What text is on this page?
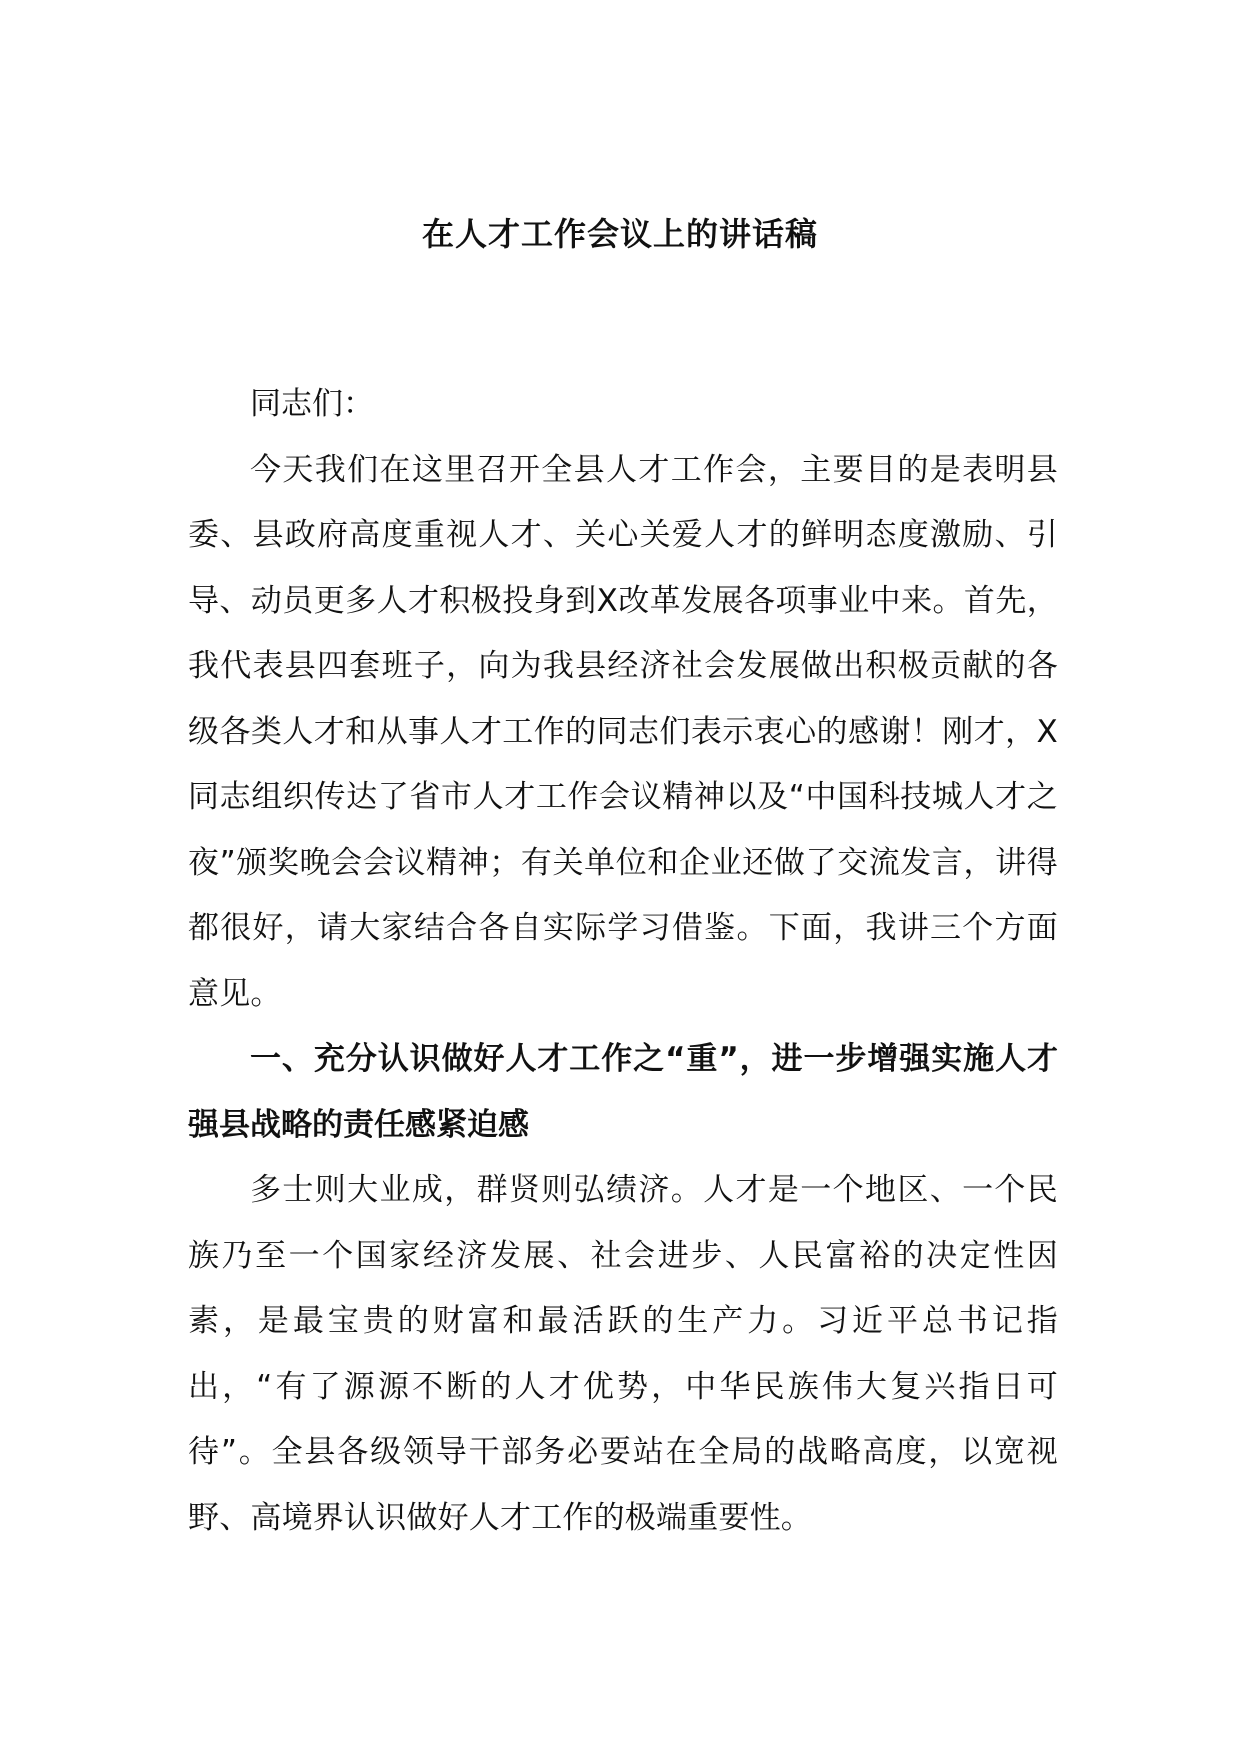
在人才工作会议上的讲话稿

同志们：

今天我们在这里召开全县人才工作会，主要目的是表明县委、县政府高度重视人才、关心关爱人才的鲜明态度激励、引导、动员更多人才积极投身到X改革发展各项事业中来。首先，我代表县四套班子，向为我县经济社会发展做出积极贡献的各级各类人才和从事人才工作的同志们表示衷心的感谢！刚才，X同志组织传达了省市人才工作会议精神以及“中国科技城人才之夜”颁奖晚会会议精神；有关单位和企业还做了交流发言，讲得都很好，请大家结合各自实际学习借鉴。下面，我讲三个方面意见。

一、充分认识做好人才工作之“重”，进一步增强实施人才强县战略的责任感紧迫感

多士则大业成，群贤则弘绩济。人才是一个地区、一个民族乃至一个国家经济发展、社会进步、人民富裕的决定性因素，是最宝贵的财富和最活跃的生产力。习近平总书记指出，“有了源源不断的人才优势，中华民族伟大复兴指日可待”。全县各级领导干部务必要站在全局的战略高度，以宽视野、高境界认识做好人才工作的极端重要性。
